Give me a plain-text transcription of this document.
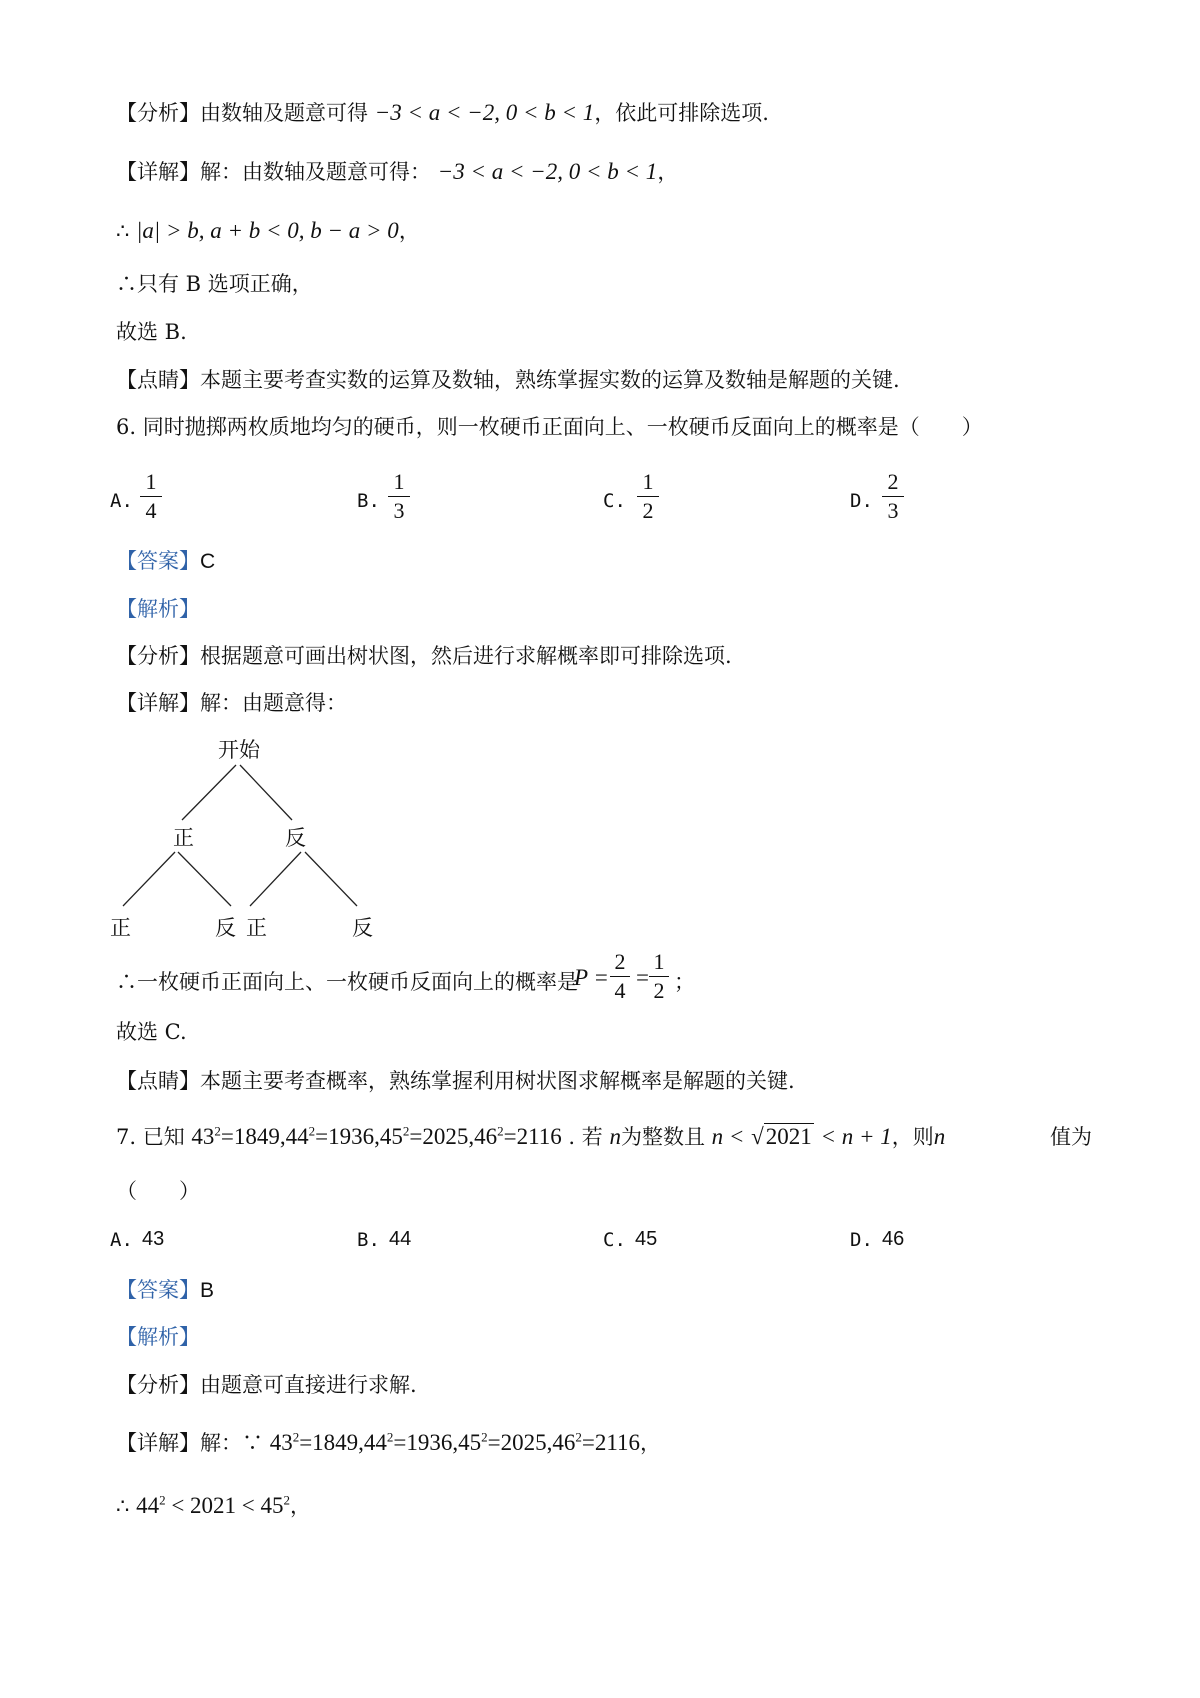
【分析】由数轴及题意可得 −3 < a < −2, 0 < b < 1，依此可排除选项.
【详解】解：由数轴及题意可得： −3 < a < −2, 0 < b < 1，
∴ |a| > b, a + b < 0, b − a > 0，
∴只有 B 选项正确，
故选 B.
【点睛】本题主要考查实数的运算及数轴，熟练掌握实数的运算及数轴是解题的关键.
6. 同时抛掷两枚质地均匀的硬币，则一枚硬币正面向上、一枚硬币反面向上的概率是（　　）
A.
1
4	B.
1
3	C.
1
2	D.
2
3
【答案】C
【解析】
【分析】根据题意可画出树状图，然后进行求解概率即可排除选项.
【详解】解：由题意得：
开始
正	反
正	反 正	反
∴一枚硬币正面向上、一枚硬币反面向上的概率是
P =
2
4
=
1
2 ；
故选 C.
【点睛】本题主要考查概率，熟练掌握利用树状图求解概率是解题的关键.
7. 已知 $43^2=1849,44^2=1936,45^2=2025,46^2=2116$ . 若 n为整数且 n < √2021 < n + 1，则n	值为
（　　）
A. 43	B. 44	C. 45	D. 46
【答案】B
【解析】
【分析】由题意可直接进行求解.
【详解】解：∵ $43^2=1849,44^2=1936,45^2=2025,46^2=2116$，
∴ $44^2 < 2021 < 45^2$，
